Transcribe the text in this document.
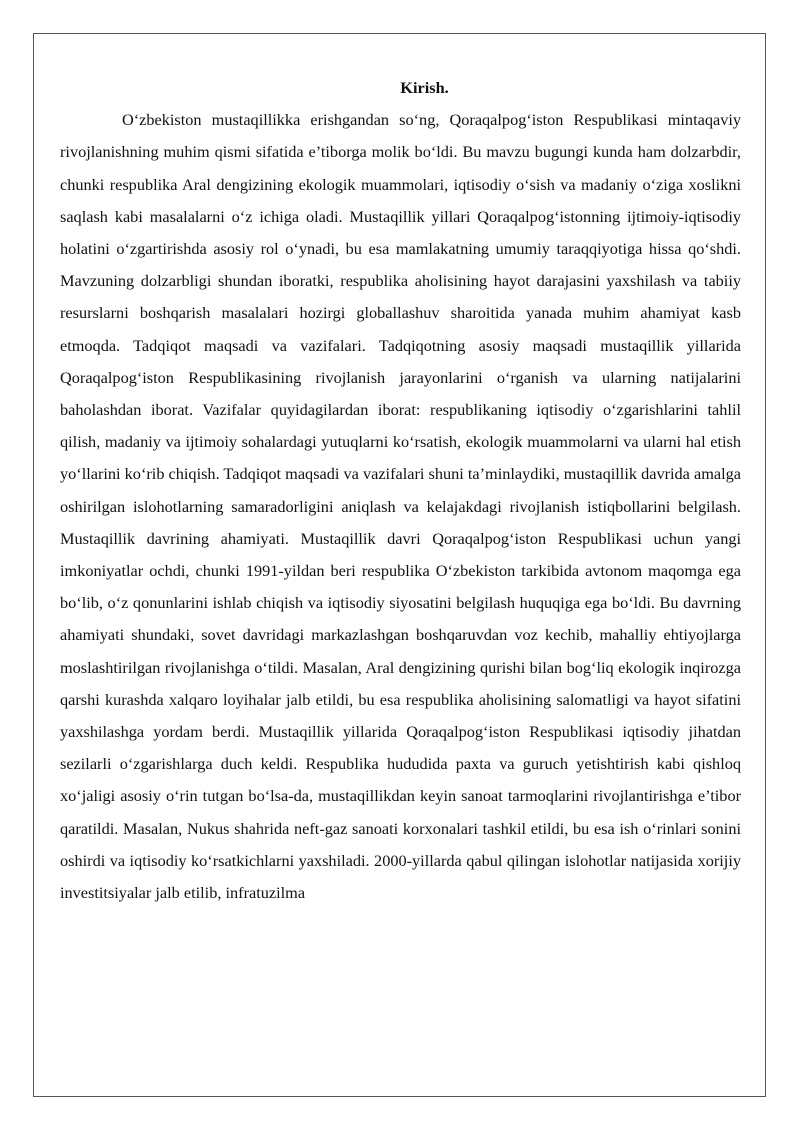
Kirish.

O‘zbekiston mustaqillikka erishgandan so‘ng, Qoraqalpog‘iston Respublikasi mintaqaviy rivojlanishning muhim qismi sifatida e’tiborga molik bo‘ldi. Bu mavzu bugungi kunda ham dolzarbdir, chunki respublika Aral dengizining ekologik muammolari, iqtisodiy o‘sish va madaniy o‘ziga xoslikni saqlash kabi masalalarni o‘z ichiga oladi. Mustaqillik yillari Qoraqalpog‘istonning ijtimoiy-iqtisodiy holatini o‘zgartirishda asosiy rol o‘ynadi, bu esa mamlakatning umumiy taraqqiyotiga hissa qo‘shdi. Mavzuning dolzarbligi shundan iboratki, respublika aholisining hayot darajasini yaxshilash va tabiiy resurslarni boshqarish masalalari hozirgi globallashuv sharoitida yanada muhim ahamiyat kasb etmoqda. Tadqiqot maqsadi va vazifalari. Tadqiqotning asosiy maqsadi mustaqillik yillarida Qoraqalpog‘iston Respublikasining rivojlanish jarayonlarini o‘rganish va ularning natijalarini baholashdan iborat. Vazifalar quyidagilardan iborat: respublikaning iqtisodiy o‘zgarishlarini tahlil qilish, madaniy va ijtimoiy sohalardagi yutuqlarni ko‘rsatish, ekologik muammolarni va ularni hal etish yo‘llarini ko‘rib chiqish. Tadqiqot maqsadi va vazifalari shuni ta’minlaydiki, mustaqillik davrida amalga oshirilgan islohotlarning samaradorligini aniqlash va kelajakdagi rivojlanish istiqbollarini belgilash. Mustaqillik davrining ahamiyati. Mustaqillik davri Qoraqalpog‘iston Respublikasi uchun yangi imkoniyatlar ochdi, chunki 1991-yildan beri respublika O‘zbekiston tarkibida avtonom maqomga ega bo‘lib, o‘z qonunlarini ishlab chiqish va iqtisodiy siyosatini belgilash huquqiga ega bo‘ldi. Bu davrning ahamiyati shundaki, sovet davridagi markazlashgan boshqaruvdan voz kechib, mahalliy ehtiyojlarga moslashtirilgan rivojlanishga o‘tildi. Masalan, Aral dengizining qurishi bilan bog‘liq ekologik inqirozga qarshi kurashda xalqaro loyihalar jalb etildi, bu esa respublika aholisining salomatligi va hayot sifatini yaxshilashga yordam berdi. Mustaqillik yillarida Qoraqalpog‘iston Respublikasi iqtisodiy jihatdan sezilarli o‘zgarishlarga duch keldi. Respublika hududida paxta va guruch yetishtirish kabi qishloq xo‘jaligi asosiy o‘rin tutgan bo‘lsa-da, mustaqillikdan keyin sanoat tarmoqlarini rivojlantirishga e’tibor qaratildi. Masalan, Nukus shahrida neft-gaz sanoati korxonalari tashkil etildi, bu esa ish o‘rinlari sonini oshirdi va iqtisodiy ko‘rsatkichlarni yaxshiladi. 2000-yillarda qabul qilingan islohotlar natijasida xorijiy investitsiyalar jalb etilib, infratuzilma
